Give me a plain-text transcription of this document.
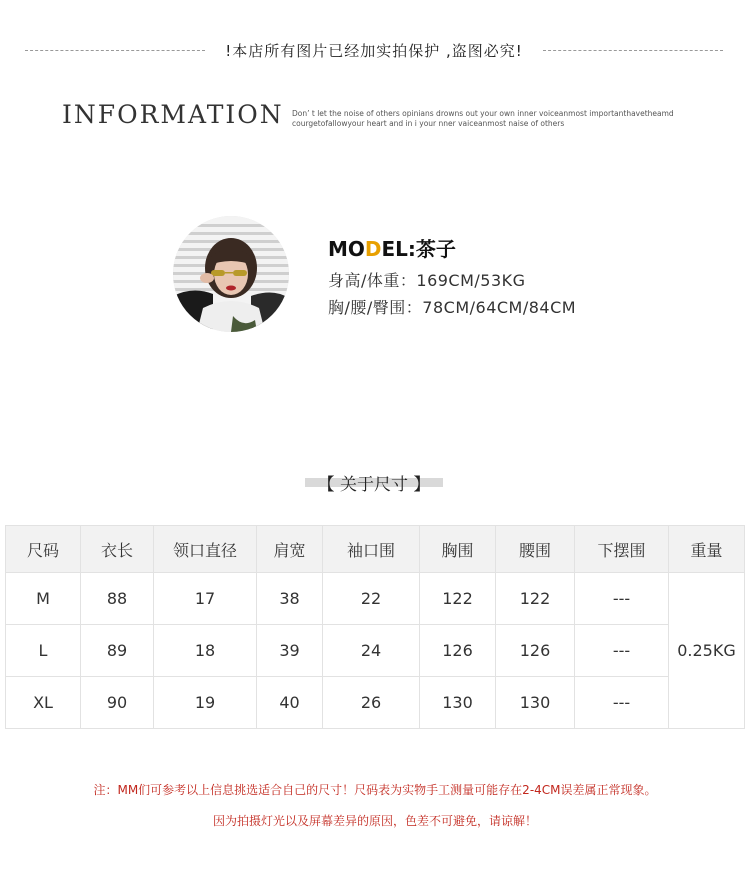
!本店所有图片已经加实拍保护 ,盗图必究!
INFORMATION Don’ t let the noise of others opinians drowns out your own inner voiceanmost importanthavetheamd
courgetofallowyour heart and in i your nner vaiceanmost naise of others
MODEL:茶子
身高/体重：169CM/53KG
胸/腰/臀围：78CM/64CM/84CM
【 关于尺寸 】
尺码	衣长	领口直径	肩宽	袖口围	胸围	腰围	下摆围	重量
M	88	17	38	22	122	122	---	0.25KG
L	89	18	39	24	126	126	---	
XL	90	19	40	26	130	130	---	
注：MM们可参考以上信息挑选适合自己的尺寸！尺码表为实物手工测量可能存在2-4CM误差属正常现象。
因为拍摄灯光以及屏幕差异的原因，色差不可避免，请谅解！
